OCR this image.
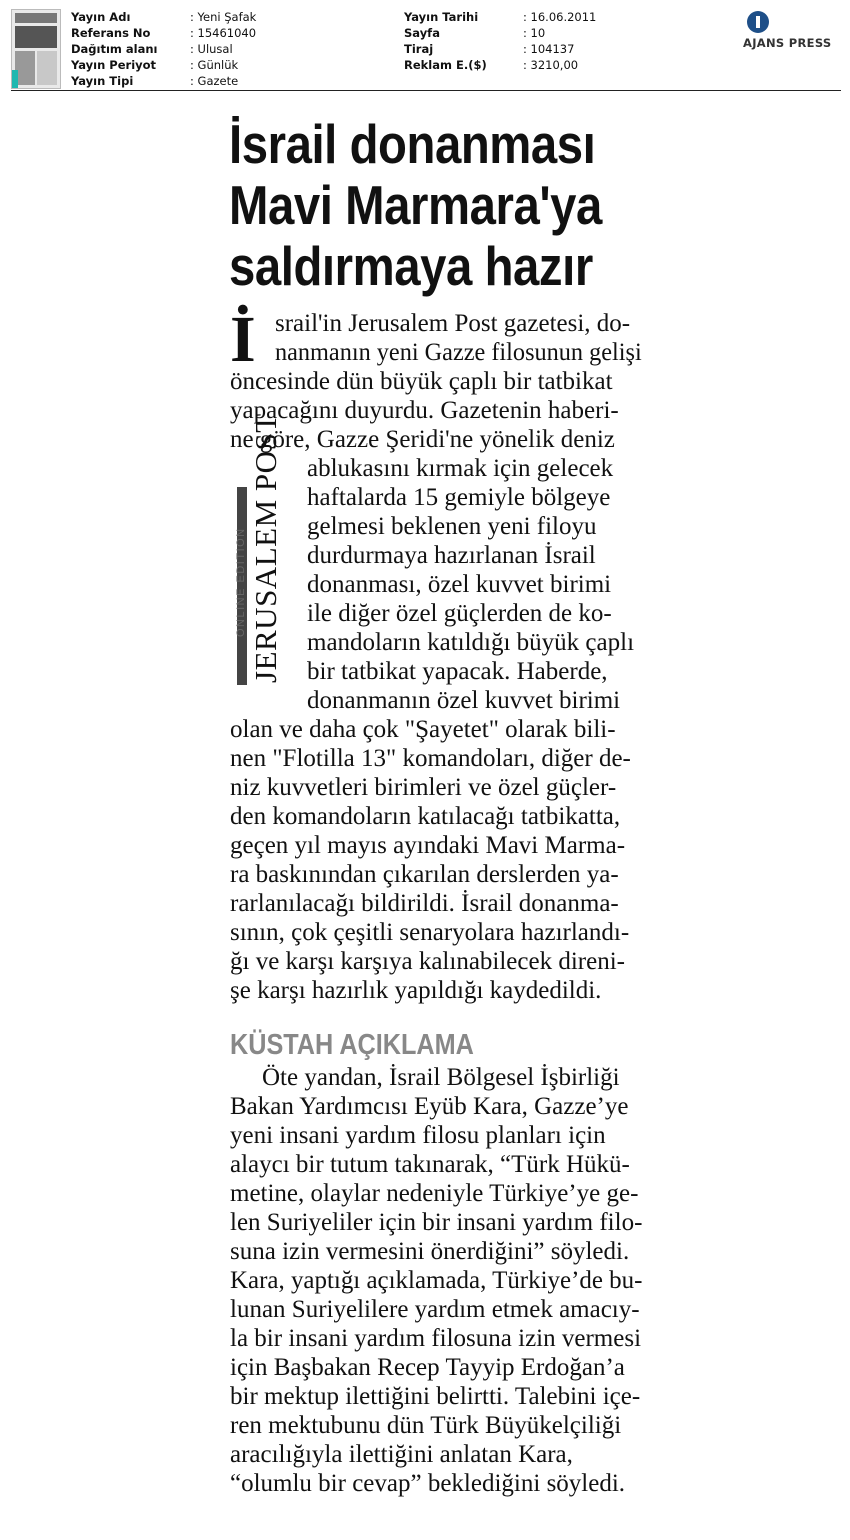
Yayın Adı	: Yeni Şafak
Referans No	: 15461040
Dağıtım alanı	: Ulusal
Yayın Periyot	: Günlük
Yayın Tipi	: Gazete
Yayın Tarihi	: 16.06.2011
Sayfa	: 10
Tiraj	: 104137
Reklam E.($)	: 3210,00
AJANS PRESS
İsrail donanması
Mavi Marmara'ya
saldırmaya hazır
İ srail'in Jerusalem Post gazetesi, do-
nanmanın yeni Gazze filosunun gelişi
öncesinde dün büyük çaplı bir tatbikat
yapacağını duyurdu. Gazetenin haberi-
ne göre, Gazze Şeridi'ne yönelik deniz
ONLINE EDITION JERUSALEM POST ablukasını kırmak için gelecek
haftalarda 15 gemiyle bölgeye
gelmesi beklenen yeni filoyu
durdurmaya hazırlanan İsrail
donanması, özel kuvvet birimi
ile diğer özel güçlerden de ko-
mandoların katıldığı büyük çaplı
bir tatbikat yapacak. Haberde,
donanmanın özel kuvvet birimi
olan ve daha çok "Şayetet" olarak bili-
nen "Flotilla 13" komandoları, diğer de-
niz kuvvetleri birimleri ve özel güçler-
den komandoların katılacağı tatbikatta,
geçen yıl mayıs ayındaki Mavi Marma-
ra baskınından çıkarılan derslerden ya-
rarlanılacağı bildirildi. İsrail donanma-
sının, çok çeşitli senaryolara hazırlandı-
ğı ve karşı karşıya kalınabilecek direni-
şe karşı hazırlık yapıldığı kaydedildi.
KÜSTAH AÇIKLAMA
Öte yandan, İsrail Bölgesel İşbirliği
Bakan Yardımcısı Eyüb Kara, Gazze’ye
yeni insani yardım filosu planları için
alaycı bir tutum takınarak, “Türk Hükü-
metine, olaylar nedeniyle Türkiye’ye ge-
len Suriyeliler için bir insani yardım filo-
suna izin vermesini önerdiğini” söyledi.
Kara, yaptığı açıklamada, Türkiye’de bu-
lunan Suriyelilere yardım etmek amacıy-
la bir insani yardım filosuna izin vermesi
için Başbakan Recep Tayyip Erdoğan’a
bir mektup ilettiğini belirtti. Talebini içe-
ren mektubunu dün Türk Büyükelçiliği
aracılığıyla ilettiğini anlatan Kara,
“olumlu bir cevap” beklediğini söyledi.
